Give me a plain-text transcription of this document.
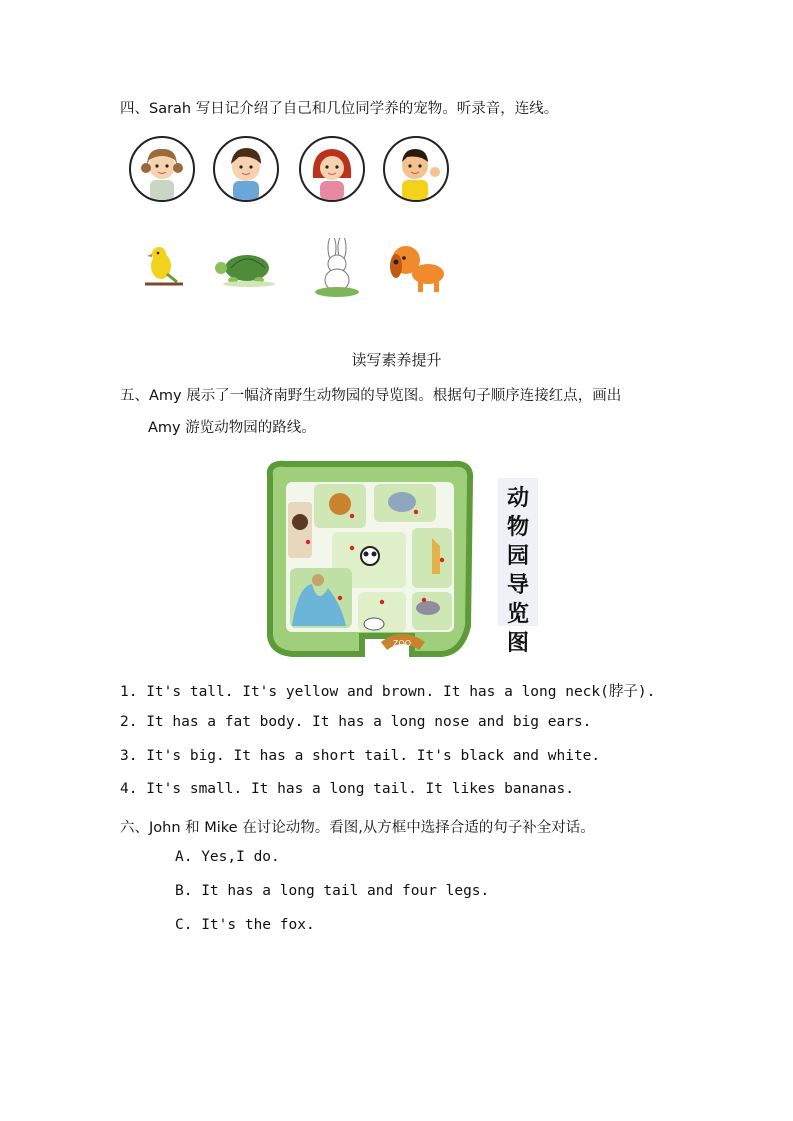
四、Sarah 写日记介绍了自己和几位同学养的宠物。听录音，连线。
读写素养提升
五、Amy 展示了一幅济南野生动物园的导览图。根据句子顺序连接红点，画出
Amy 游览动物园的路线。
ZOO
动物园导览图
1. It's tall. It's yellow and brown. It has a long neck(脖子).
2. It has a fat body. It has a long nose and big ears.
3. It's big. It has a short tail. It's black and white.
4. It's small. It has a long tail. It likes bananas.
六、John 和 Mike 在讨论动物。看图,从方框中选择合适的句子补全对话。
A. Yes,I do.
B. It has a long tail and four legs.
C. It's the fox.
